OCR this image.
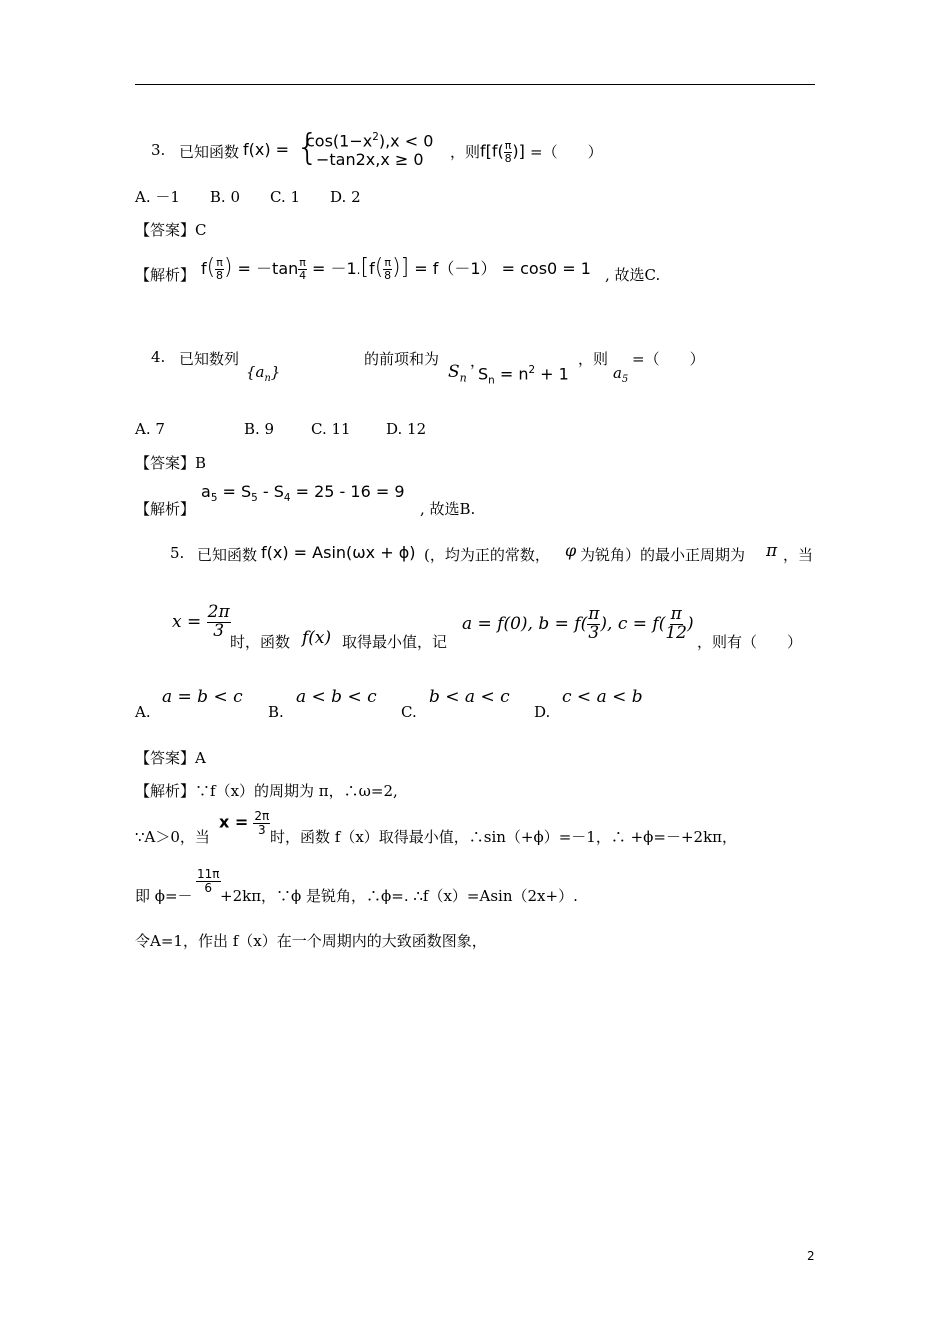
3. 已知函数 f(x) = {
$\cos(1-x^2),x < 0$
−tan2x,x ≥ 0 ，则 $f[f( \frac{\pi}{8}$ )] =（　　）
A. －1　　B. 0　　C. 1　　D. 2
【答案】C
【解析】 $f( \frac{\pi}{8}$ ) = $-\tan \frac{\pi}{4} = -1.[f( \frac{\pi}{8}$ )] = f（－1） = cos0 = 1 , 故选C.
4. 已知数列
$\{a_n\}$
的前项和为
$S_n$
，
$S_n = n^2 + 1$
，则
$a_5$
=（　　）
A. 7	B. 9 C. 11 D. 12
【答案】B
【解析】
$a_5 = S_5 - S_4 = 25 - 16 = 9$
, 故选B.
5. 已知函数 f(x) = Asin(ωx + ϕ) (，均为正的常数， φ 为锐角）的最小正周期为 π ，当
$x = \frac{2\pi}{3}$
时，函数 f(x) 取得最小值，记
a = f(0), $b = f( \frac{\pi}{3}$ ), $c = f( \frac{\pi}{12}$ )
，则有（　　）
A.
a = b < c
B.
a < b < c
C.
b < a < c
D.
c < a < b
【答案】A
【解析】∵f（x）的周期为 π，∴ω=2,
∵A＞0，当
$x = \frac{2\pi}{3}$
时，函数 f（x）取得最小值，∴sin（+ϕ）=－1，∴ +ϕ=－+2kπ，
即 ϕ=－
$\frac{11\pi}{6}$
+2kπ，∵ϕ 是锐角，∴ϕ=. ∴f（x）=Asin（2x+）.
令A=1，作出 f（x）在一个周期内的大致函数图象，
2
